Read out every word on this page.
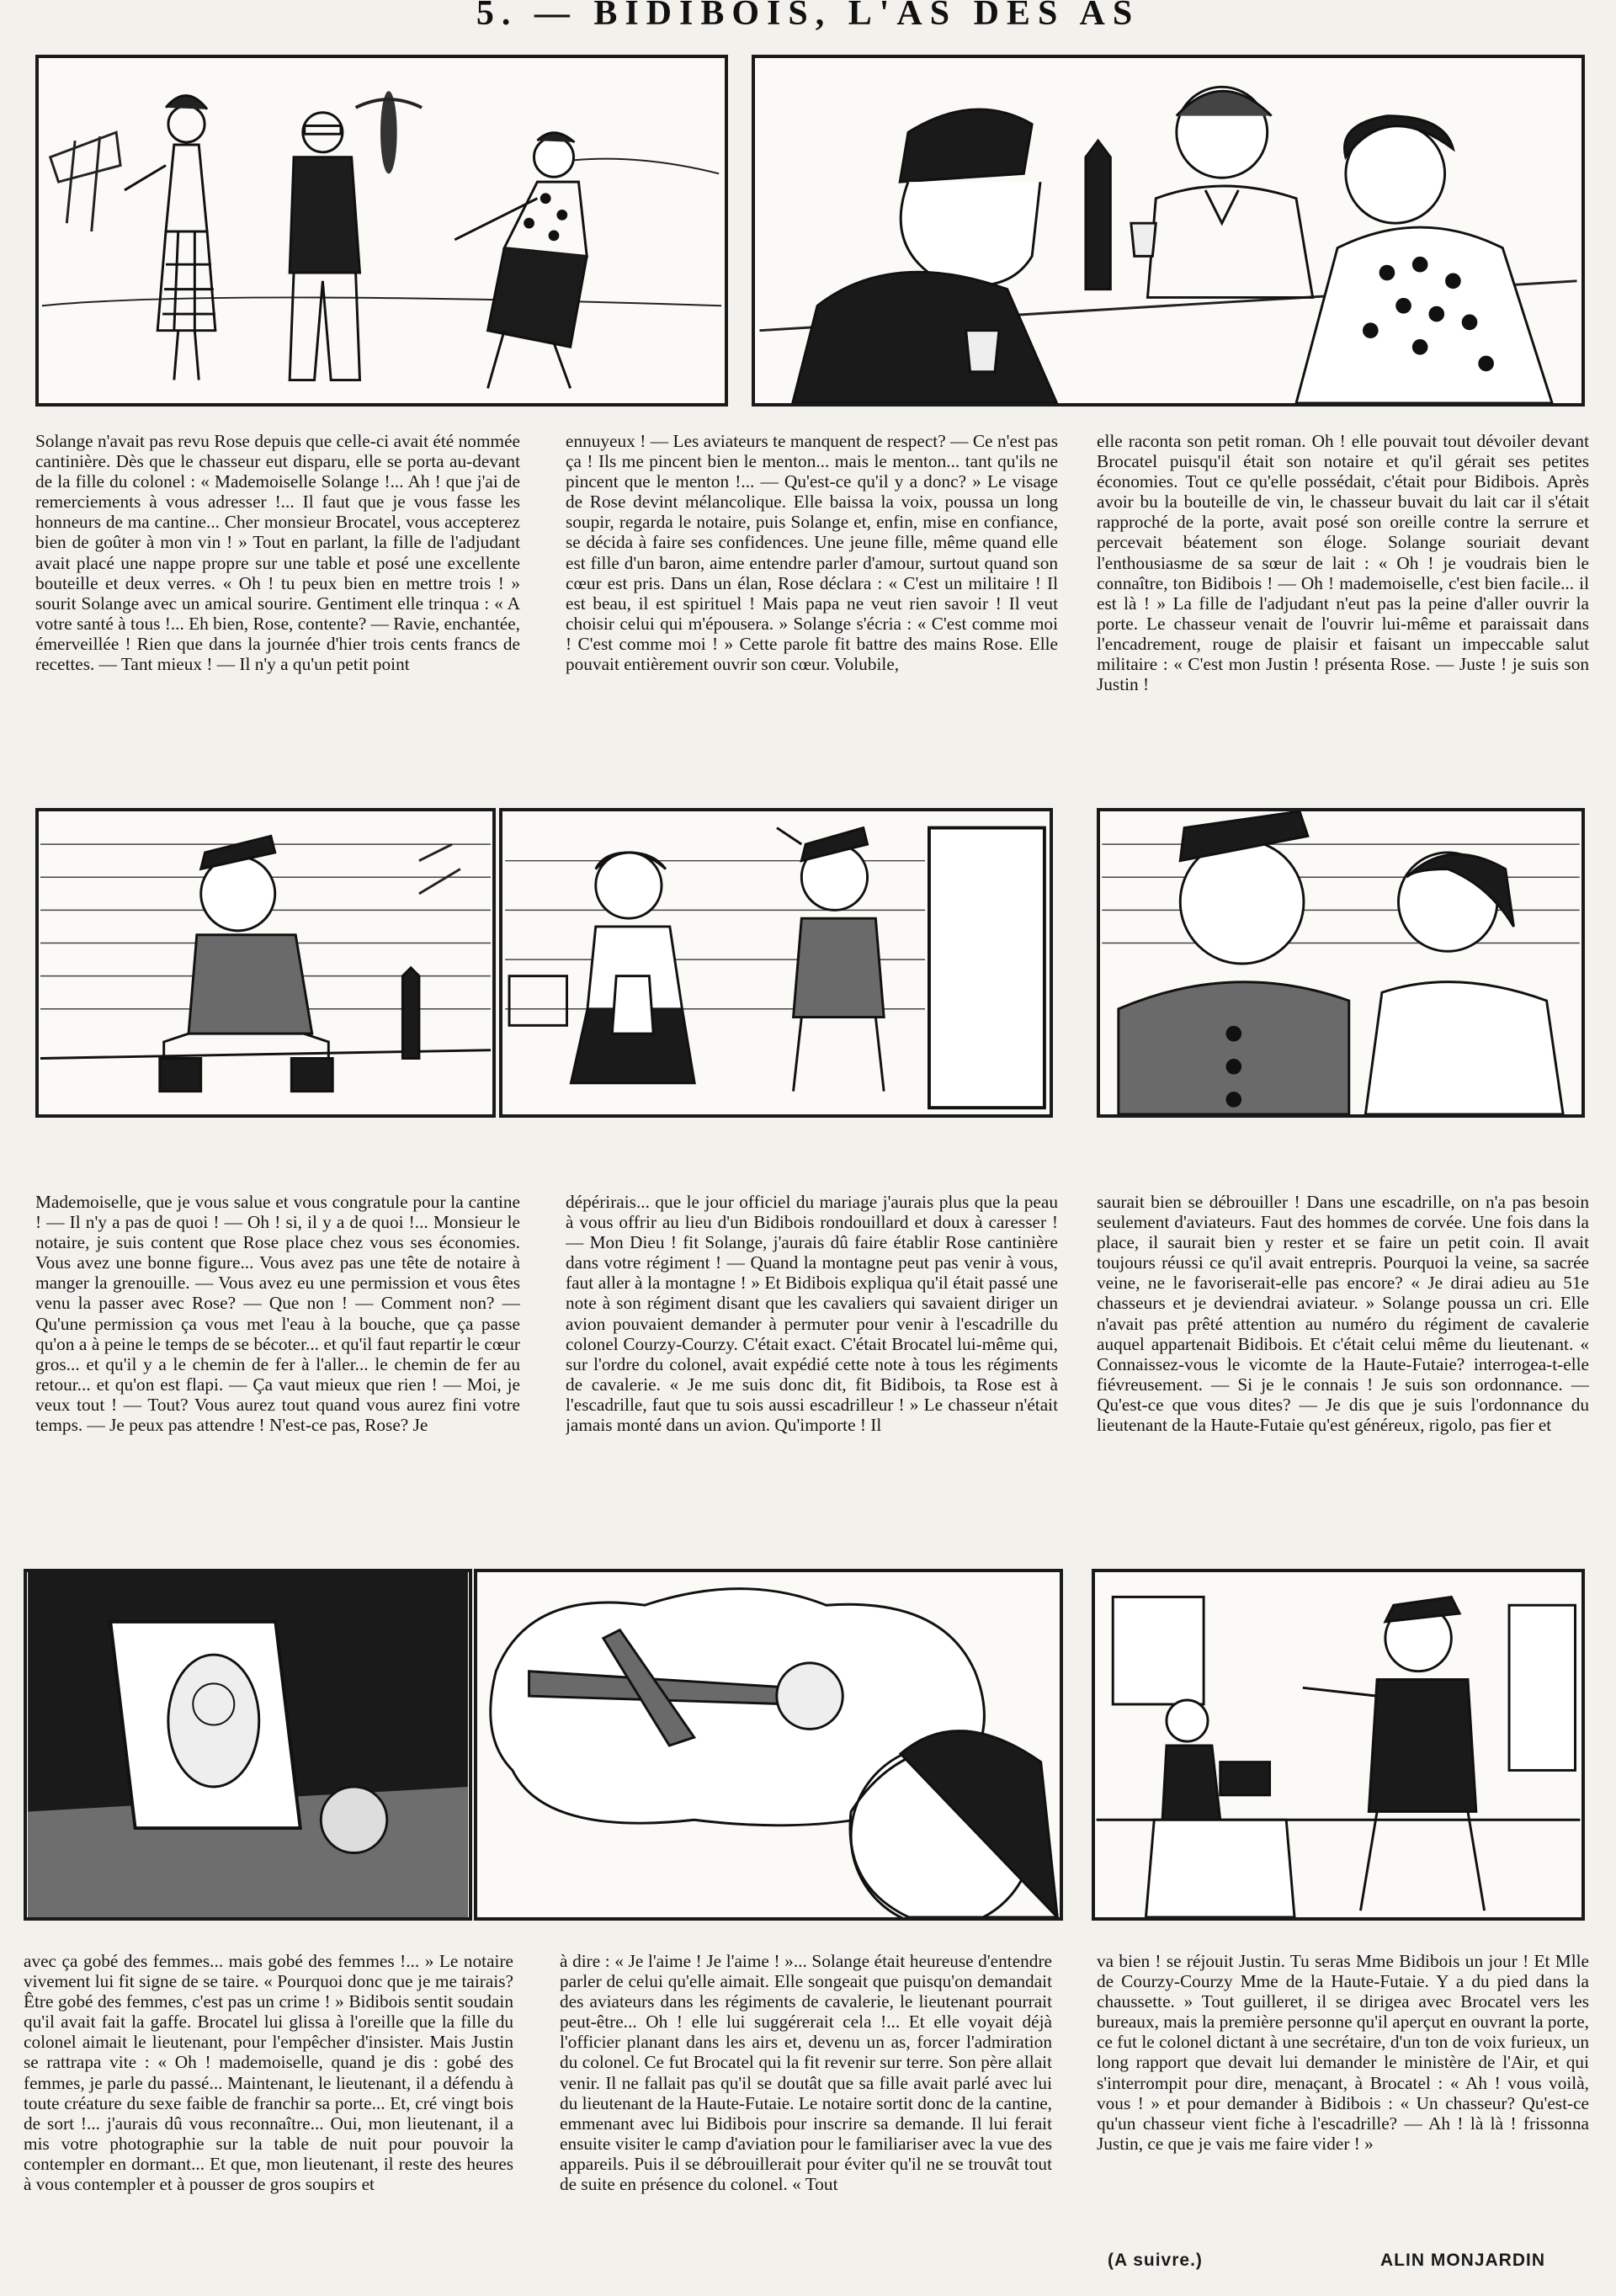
5. — BIDIBOIS, L'AS DES AS
Solange n'avait pas revu Rose depuis que celle-ci avait été nommée cantinière. Dès que le chasseur eut disparu, elle se porta au-devant de la fille du colonel : « Mademoiselle Solange !... Ah ! que j'ai de remerciements à vous adresser !... Il faut que je vous fasse les honneurs de ma cantine... Cher monsieur Brocatel, vous accepterez bien de goûter à mon vin ! » Tout en parlant, la fille de l'adjudant avait placé une nappe propre sur une table et posé une excellente bouteille et deux verres. « Oh ! tu peux bien en mettre trois ! » sourit Solange avec un amical sourire. Gentiment elle trinqua : « A votre santé à tous !... Eh bien, Rose, contente? — Ravie, enchantée, émerveillée ! Rien que dans la journée d'hier trois cents francs de recettes. — Tant mieux ! — Il n'y a qu'un petit point
ennuyeux ! — Les aviateurs te manquent de respect? — Ce n'est pas ça ! Ils me pincent bien le menton... mais le menton... tant qu'ils ne pincent que le menton !... — Qu'est-ce qu'il y a donc? » Le visage de Rose devint mélancolique. Elle baissa la voix, poussa un long soupir, regarda le notaire, puis Solange et, enfin, mise en confiance, se décida à faire ses confidences. Une jeune fille, même quand elle est fille d'un baron, aime entendre parler d'amour, surtout quand son cœur est pris. Dans un élan, Rose déclara : « C'est un militaire ! Il est beau, il est spirituel ! Mais papa ne veut rien savoir ! Il veut choisir celui qui m'épousera. » Solange s'écria : « C'est comme moi ! C'est comme moi ! » Cette parole fit battre des mains Rose. Elle pouvait entièrement ouvrir son cœur. Volubile,
elle raconta son petit roman. Oh ! elle pouvait tout dévoiler devant Brocatel puisqu'il était son notaire et qu'il gérait ses petites économies. Tout ce qu'elle possédait, c'était pour Bidibois. Après avoir bu la bouteille de vin, le chasseur buvait du lait car il s'était rapproché de la porte, avait posé son oreille contre la serrure et percevait béatement son éloge. Solange souriait devant l'enthousiasme de sa sœur de lait : « Oh ! je voudrais bien le connaître, ton Bidibois ! — Oh ! mademoiselle, c'est bien facile... il est là ! » La fille de l'adjudant n'eut pas la peine d'aller ouvrir la porte. Le chasseur venait de l'ouvrir lui-même et paraissait dans l'encadrement, rouge de plaisir et faisant un impeccable salut militaire : « C'est mon Justin ! présenta Rose. — Juste ! je suis son Justin !
Mademoiselle, que je vous salue et vous congratule pour la cantine ! — Il n'y a pas de quoi ! — Oh ! si, il y a de quoi !... Monsieur le notaire, je suis content que Rose place chez vous ses économies. Vous avez une bonne figure... Vous avez pas une tête de notaire à manger la grenouille. — Vous avez eu une permission et vous êtes venu la passer avec Rose? — Que non ! — Comment non? — Qu'une permission ça vous met l'eau à la bouche, que ça passe qu'on a à peine le temps de se bécoter... et qu'il faut repartir le cœur gros... et qu'il y a le chemin de fer à l'aller... le chemin de fer au retour... et qu'on est flapi. — Ça vaut mieux que rien ! — Moi, je veux tout ! — Tout? Vous aurez tout quand vous aurez fini votre temps. — Je peux pas attendre ! N'est-ce pas, Rose? Je
dépérirais... que le jour officiel du mariage j'aurais plus que la peau à vous offrir au lieu d'un Bidibois rondouillard et doux à caresser ! — Mon Dieu ! fit Solange, j'aurais dû faire établir Rose cantinière dans votre régiment ! — Quand la montagne peut pas venir à vous, faut aller à la montagne ! » Et Bidibois expliqua qu'il était passé une note à son régiment disant que les cavaliers qui savaient diriger un avion pouvaient demander à permuter pour venir à l'escadrille du colonel Courzy-Courzy. C'était exact. C'était Brocatel lui-même qui, sur l'ordre du colonel, avait expédié cette note à tous les régiments de cavalerie. « Je me suis donc dit, fit Bidibois, ta Rose est à l'escadrille, faut que tu sois aussi escadrilleur ! » Le chasseur n'était jamais monté dans un avion. Qu'importe ! Il
saurait bien se débrouiller ! Dans une escadrille, on n'a pas besoin seulement d'aviateurs. Faut des hommes de corvée. Une fois dans la place, il saurait bien y rester et se faire un petit coin. Il avait toujours réussi ce qu'il avait entrepris. Pourquoi la veine, sa sacrée veine, ne le favoriserait-elle pas encore? « Je dirai adieu au 51e chasseurs et je deviendrai aviateur. » Solange poussa un cri. Elle n'avait pas prêté attention au numéro du régiment de cavalerie auquel appartenait Bidibois. Et c'était celui même du lieutenant. « Connaissez-vous le vicomte de la Haute-Futaie? interrogea-t-elle fiévreusement. — Si je le connais ! Je suis son ordonnance. — Qu'est-ce que vous dites? — Je dis que je suis l'ordonnance du lieutenant de la Haute-Futaie qu'est généreux, rigolo, pas fier et
avec ça gobé des femmes... mais gobé des femmes !... » Le notaire vivement lui fit signe de se taire. « Pourquoi donc que je me tairais? Être gobé des femmes, c'est pas un crime ! » Bidibois sentit soudain qu'il avait fait la gaffe. Brocatel lui glissa à l'oreille que la fille du colonel aimait le lieutenant, pour l'empêcher d'insister. Mais Justin se rattrapa vite : « Oh ! mademoiselle, quand je dis : gobé des femmes, je parle du passé... Maintenant, le lieutenant, il a défendu à toute créature du sexe faible de franchir sa porte... Et, cré vingt bois de sort !... j'aurais dû vous reconnaître... Oui, mon lieutenant, il a mis votre photographie sur la table de nuit pour pouvoir la contempler en dormant... Et que, mon lieutenant, il reste des heures à vous contempler et à pousser de gros soupirs et
à dire : « Je l'aime ! Je l'aime ! »... Solange était heureuse d'entendre parler de celui qu'elle aimait. Elle songeait que puisqu'on demandait des aviateurs dans les régiments de cavalerie, le lieutenant pourrait peut-être... Oh ! elle lui suggérerait cela !... Et elle voyait déjà l'officier planant dans les airs et, devenu un as, forcer l'admiration du colonel. Ce fut Brocatel qui la fit revenir sur terre. Son père allait venir. Il ne fallait pas qu'il se doutât que sa fille avait parlé avec lui du lieutenant de la Haute-Futaie. Le notaire sortit donc de la cantine, emmenant avec lui Bidibois pour inscrire sa demande. Il lui ferait ensuite visiter le camp d'aviation pour le familiariser avec la vue des appareils. Puis il se débrouillerait pour éviter qu'il ne se trouvât tout de suite en présence du colonel. « Tout
va bien ! se réjouit Justin. Tu seras Mme Bidibois un jour ! Et Mlle de Courzy-Courzy Mme de la Haute-Futaie. Y a du pied dans la chaussette. » Tout guilleret, il se dirigea avec Brocatel vers les bureaux, mais la première personne qu'il aperçut en ouvrant la porte, ce fut le colonel dictant à une secrétaire, d'un ton de voix furieux, un long rapport que devait lui demander le ministère de l'Air, et qui s'interrompit pour dire, menaçant, à Brocatel : « Ah ! vous voilà, vous ! » et pour demander à Bidibois : « Un chasseur? Qu'est-ce qu'un chasseur vient fiche à l'escadrille? — Ah ! là là ! frissonna Justin, ce que je vais me faire vider ! »
(A suivre.)	ALIN MONJARDIN
